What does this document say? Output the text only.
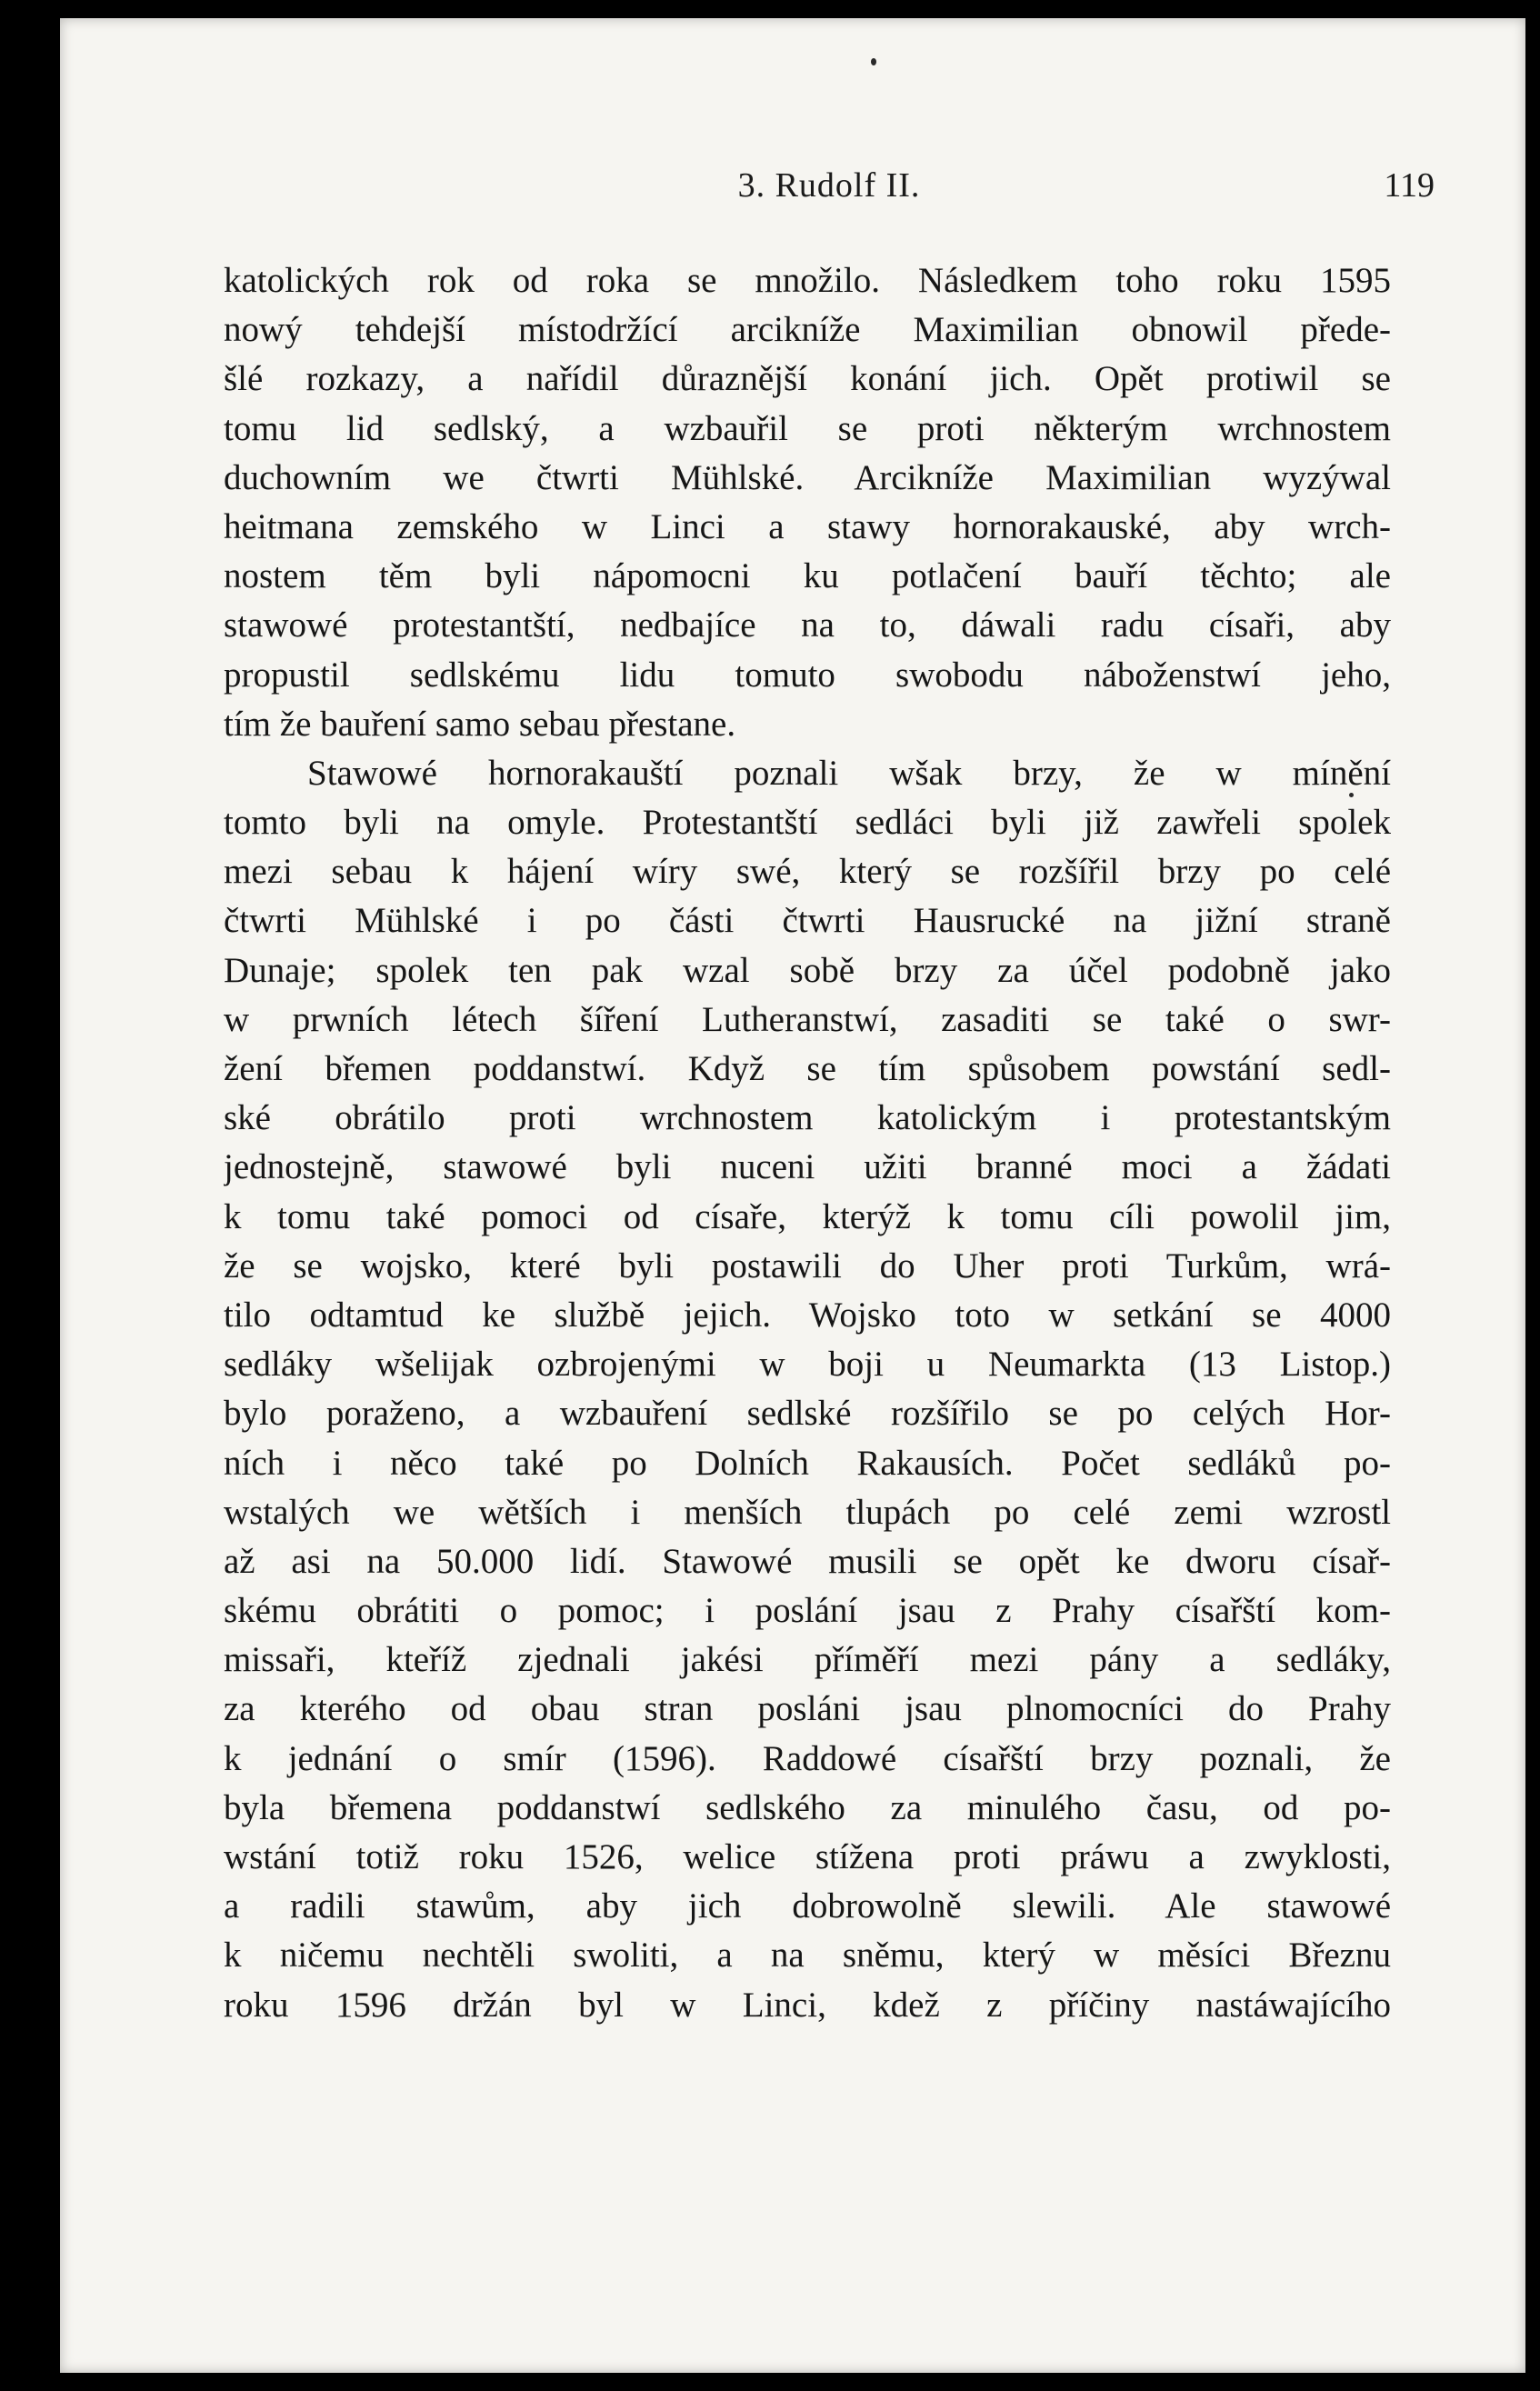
3. Rudolf II.	119
katolických rok od roka se množilo. Následkem toho roku 1595
nowý tehdejší místodržící arcikníže Maximilian obnowil přede-
šlé rozkazy, a nařídil důraznější konání jich. Opět protiwil se
tomu lid sedlský, a wzbauřil se proti některým wrchnostem
duchowním we čtwrti Mühlské. Arcikníže Maximilian wyzýwal
heitmana zemského w Linci a stawy hornorakauské, aby wrch-
nostem těm byli nápomocni ku potlačení bauří těchto; ale
stawowé protestantští, nedbajíce na to, dáwali radu císaři, aby
propustil sedlskému lidu tomuto swobodu náboženstwí jeho,
tím že bauření samo sebau přestane.
Stawowé hornorakauští poznali wšak brzy, že w mínění
tomto byli na omyle. Protestantští sedláci byli již zawřeli spolek
mezi sebau k hájení wíry swé, který se rozšířil brzy po celé
čtwrti Mühlské i po části čtwrti Hausrucké na jižní straně
Dunaje; spolek ten pak wzal sobě brzy za účel podobně jako
w prwních létech šíření Lutheranstwí, zasaditi se také o swr-
žení břemen poddanstwí. Když se tím spůsobem powstání sedl-
ské obrátilo proti wrchnostem katolickým i protestantským
jednostejně, stawowé byli nuceni užiti branné moci a žádati
k tomu také pomoci od císaře, kterýž k tomu cíli powolil jim,
že se wojsko, které byli postawili do Uher proti Turkům, wrá-
tilo odtamtud ke službě jejich. Wojsko toto w setkání se 4000
sedláky wšelijak ozbrojenými w boji u Neumarkta (13 Listop.)
bylo poraženo, a wzbauření sedlské rozšířilo se po celých Hor-
ních i něco také po Dolních Rakausích. Počet sedláků po-
wstalých we wětších i menších tlupách po celé zemi wzrostl
až asi na 50.000 lidí. Stawowé musili se opět ke dworu císař-
skému obrátiti o pomoc; i poslání jsau z Prahy císařští kom-
missaři, kteříž zjednali jakési příměří mezi pány a sedláky,
za kterého od obau stran posláni jsau plnomocníci do Prahy
k jednání o smír (1596). Raddowé císařští brzy poznali, že
byla břemena poddanstwí sedlského za minulého času, od po-
wstání totiž roku 1526, welice stížena proti práwu a zwyklosti,
a radili stawům, aby jich dobrowolně slewili. Ale stawowé
k ničemu nechtěli swoliti, a na sněmu, který w měsíci Březnu
roku 1596 držán byl w Linci, kdež z příčiny nastáwajícího
